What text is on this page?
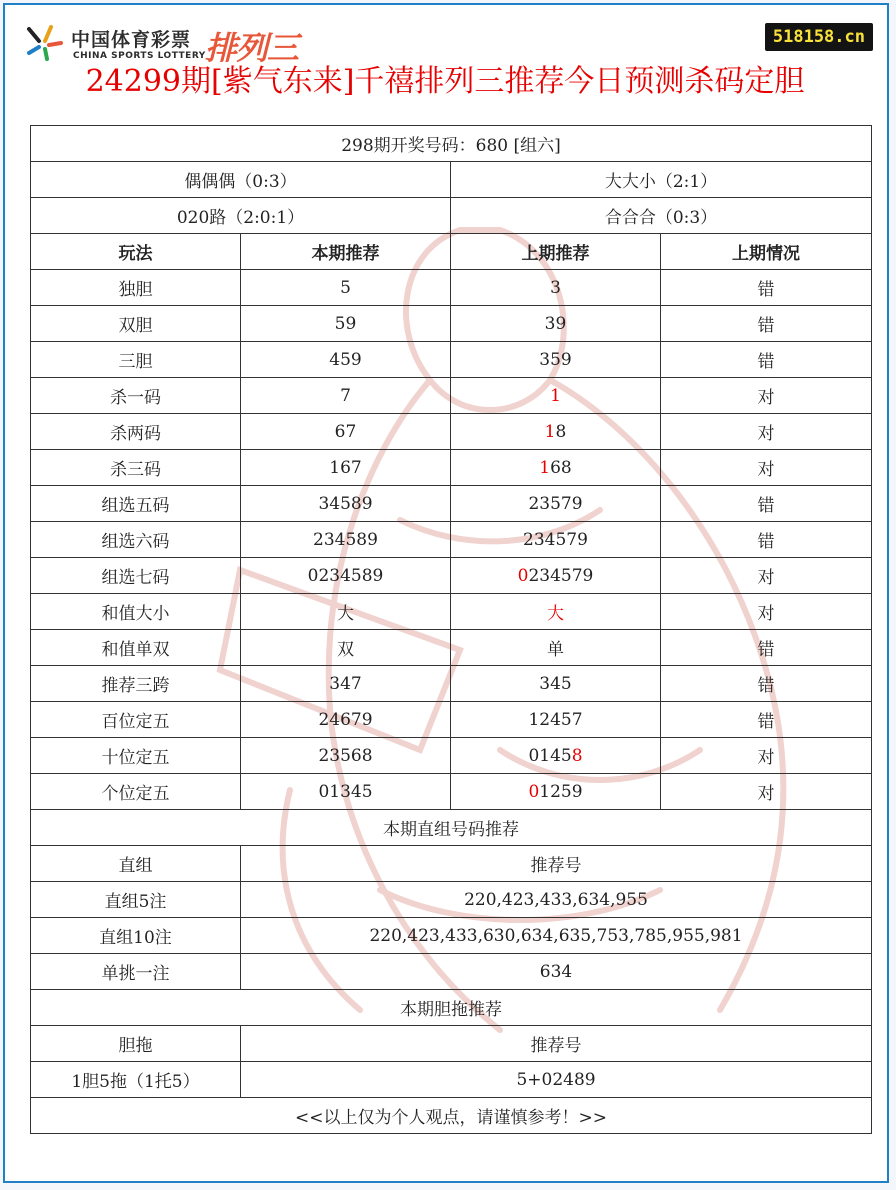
中国体育彩票
CHINA SPORTS LOTTERY 排列三	518158.cn
24299期[紫气东来]千禧排列三推荐今日预测杀码定胆
298期开奖号码：680 [组六]			
偶偶偶（0:3）		大大小（2:1）	
020路（2:0:1）		合合合（0:3）	
玩法	本期推荐	上期推荐	上期情况
独胆	5	3	错
双胆	59	39	错
三胆	459	359	错
杀一码	7	1	对
杀两码	67	18	对
杀三码	167	168	对
组选五码	34589	23579	错
组选六码	234589	234579	错
组选七码	0234589	0234579	对
和值大小	大	大	对
和值单双	双	单	错
推荐三跨	347	345	错
百位定五	24679	12457	错
十位定五	23568	01458	对
个位定五	01345	01259	对
本期直组号码推荐			
直组	推荐号		
直组5注	220,423,433,634,955		
直组10注	220,423,433,630,634,635,753,785,955,981		
单挑一注	634		
本期胆拖推荐			
胆拖	推荐号		
1胆5拖（1托5）	5+02489		
<<以上仅为个人观点，请谨慎参考！>>			
